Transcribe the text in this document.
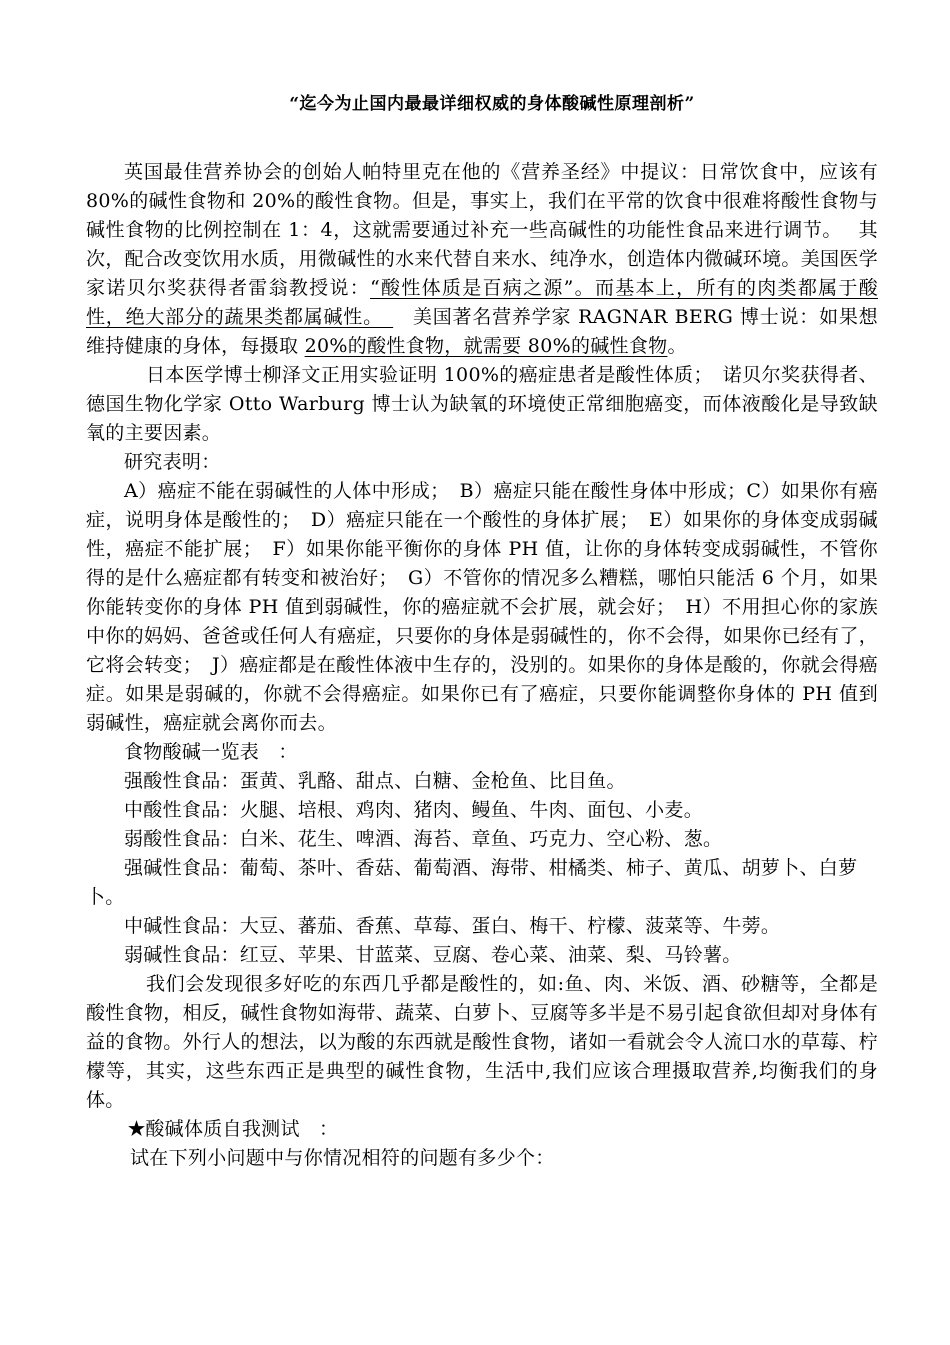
“迄今为止国内最最详细权威的身体酸碱性原理剖析”

英国最佳营养协会的创始人帕特里克在他的《营养圣经》中提议：日常饮食中，应该有 80%的碱性食物和 20%的酸性食物。但是，事实上，我们在平常的饮食中很难将酸性食物与碱性食物的比例控制在 1：4，这就需要通过补充一些高碱性的功能性食品来进行调节。　 其次，配合改变饮用水质，用微碱性的水来代替自来水、纯净水，创造体内微碱环境。美国医学家诺贝尔奖获得者雷翁教授说：“酸性体质是百病之源”。而基本上，所有的肉类都属于酸性，绝大部分的蔬果类都属碱性。　　美国著名营养学家 RAGNAR BERG 博士说：如果想维持健康的身体，每摄取 20%的酸性食物，就需要 80%的碱性食物。

日本医学博士柳泽文正用实验证明 100%的癌症患者是酸性体质；　诺贝尔奖获得者、德国生物化学家 Otto Warburg 博士认为缺氧的环境使正常细胞癌变，而体液酸化是导致缺氧的主要因素。

研究表明：

A）癌症不能在弱碱性的人体中形成；　B）癌症只能在酸性身体中形成；C）如果你有癌症，说明身体是酸性的；　D）癌症只能在一个酸性的身体扩展；　E）如果你的身体变成弱碱性，癌症不能扩展；　F）如果你能平衡你的身体 PH 值，让你的身体转变成弱碱性，不管你得的是什么癌症都有转变和被治好；　G）不管你的情况多么糟糕，哪怕只能活 6 个月，如果你能转变你的身体 PH 值到弱碱性，你的癌症就不会扩展，就会好；　H）不用担心你的家族中你的妈妈、爸爸或任何人有癌症，只要你的身体是弱碱性的，你不会得，如果你已经有了，它将会转变；　J）癌症都是在酸性体液中生存的，没别的。如果你的身体是酸的，你就会得癌症。如果是弱碱的，你就不会得癌症。如果你已有了癌症，只要你能调整你身体的 PH 值到弱碱性，癌症就会离你而去。

食物酸碱一览表　：

强酸性食品：蛋黄、乳酪、甜点、白糖、金枪鱼、比目鱼。

中酸性食品：火腿、培根、鸡肉、猪肉、鳗鱼、牛肉、面包、小麦。

弱酸性食品：白米、花生、啤酒、海苔、章鱼、巧克力、空心粉、葱。

强碱性食品：葡萄、茶叶、香菇、葡萄酒、海带、柑橘类、柿子、黄瓜、胡萝卜、白萝卜。

中碱性食品：大豆、蕃茄、香蕉、草莓、蛋白、梅干、柠檬、菠菜等、牛蒡。

弱碱性食品：红豆、苹果、甘蓝菜、豆腐、卷心菜、油菜、梨、马铃薯。

我们会发现很多好吃的东西几乎都是酸性的，如:鱼、肉、米饭、酒、砂糖等，全都是酸性食物，相反，碱性食物如海带、蔬菜、白萝卜、豆腐等多半是不易引起食欲但却对身体有益的食物。外行人的想法，以为酸的东西就是酸性食物，诸如一看就会令人流口水的草莓、柠檬等，其实，这些东西正是典型的碱性食物，生活中,我们应该合理摄取营养,均衡我们的身体。

★酸碱体质自我测试　：

试在下列小问题中与你情况相符的问题有多少个：
